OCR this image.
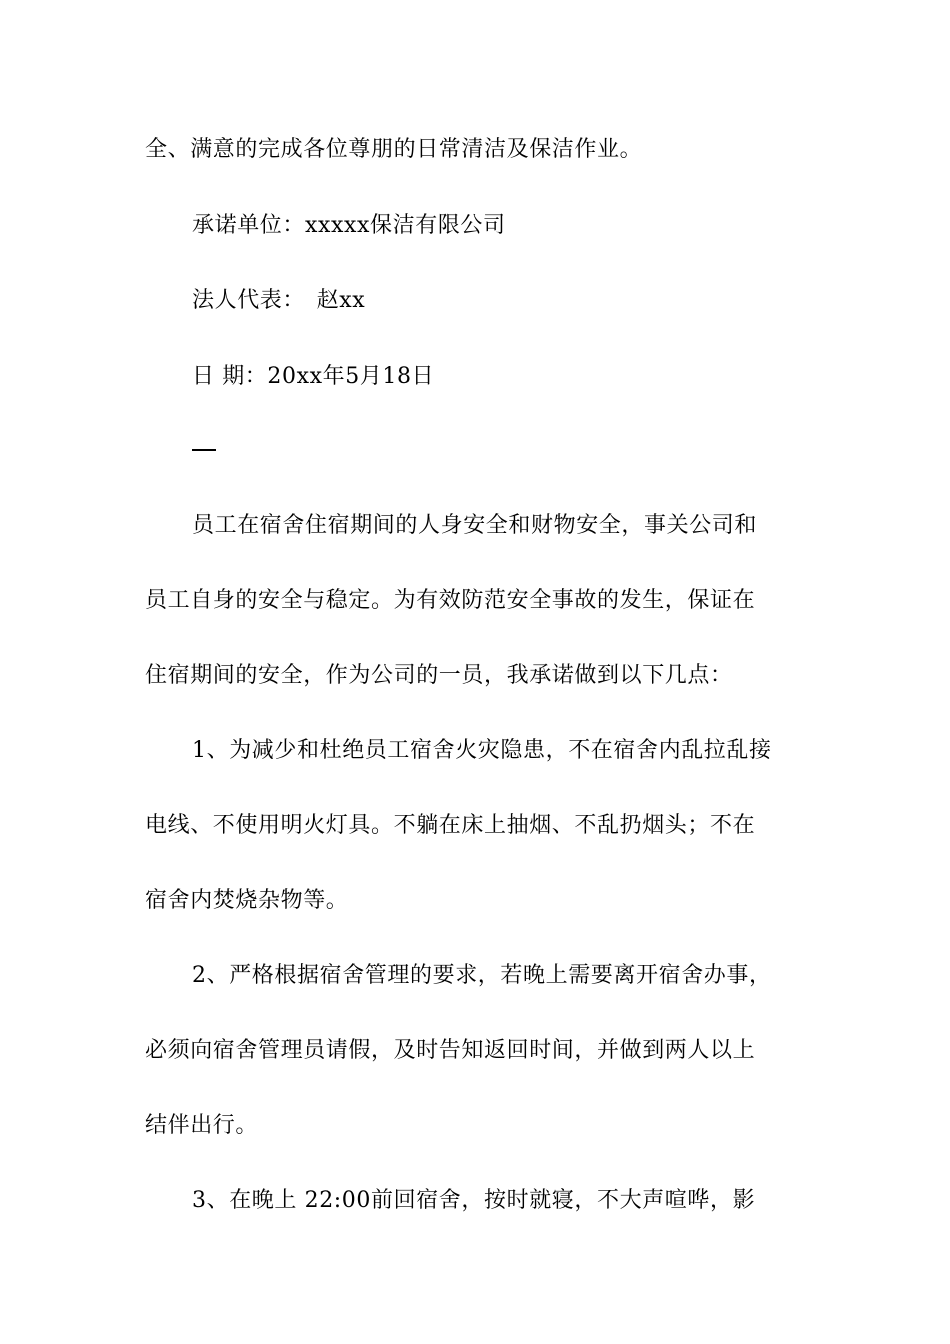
全、满意的完成各位尊朋的日常清洁及保洁作业。
承诺单位：xxxxx保洁有限公司
法人代表：　赵xx
日 期：20xx年5月18日
员工在宿舍住宿期间的人身安全和财物安全，事关公司和
员工自身的安全与稳定。为有效防范安全事故的发生，保证在
住宿期间的安全，作为公司的一员，我承诺做到以下几点：
1、为减少和杜绝员工宿舍火灾隐患，不在宿舍内乱拉乱接
电线、不使用明火灯具。不躺在床上抽烟、不乱扔烟头；不在
宿舍内焚烧杂物等。
2、严格根据宿舍管理的要求，若晚上需要离开宿舍办事，
必须向宿舍管理员请假，及时告知返回时间，并做到两人以上
结伴出行。
3、在晚上 22:00前回宿舍，按时就寝，不大声喧哗，影
